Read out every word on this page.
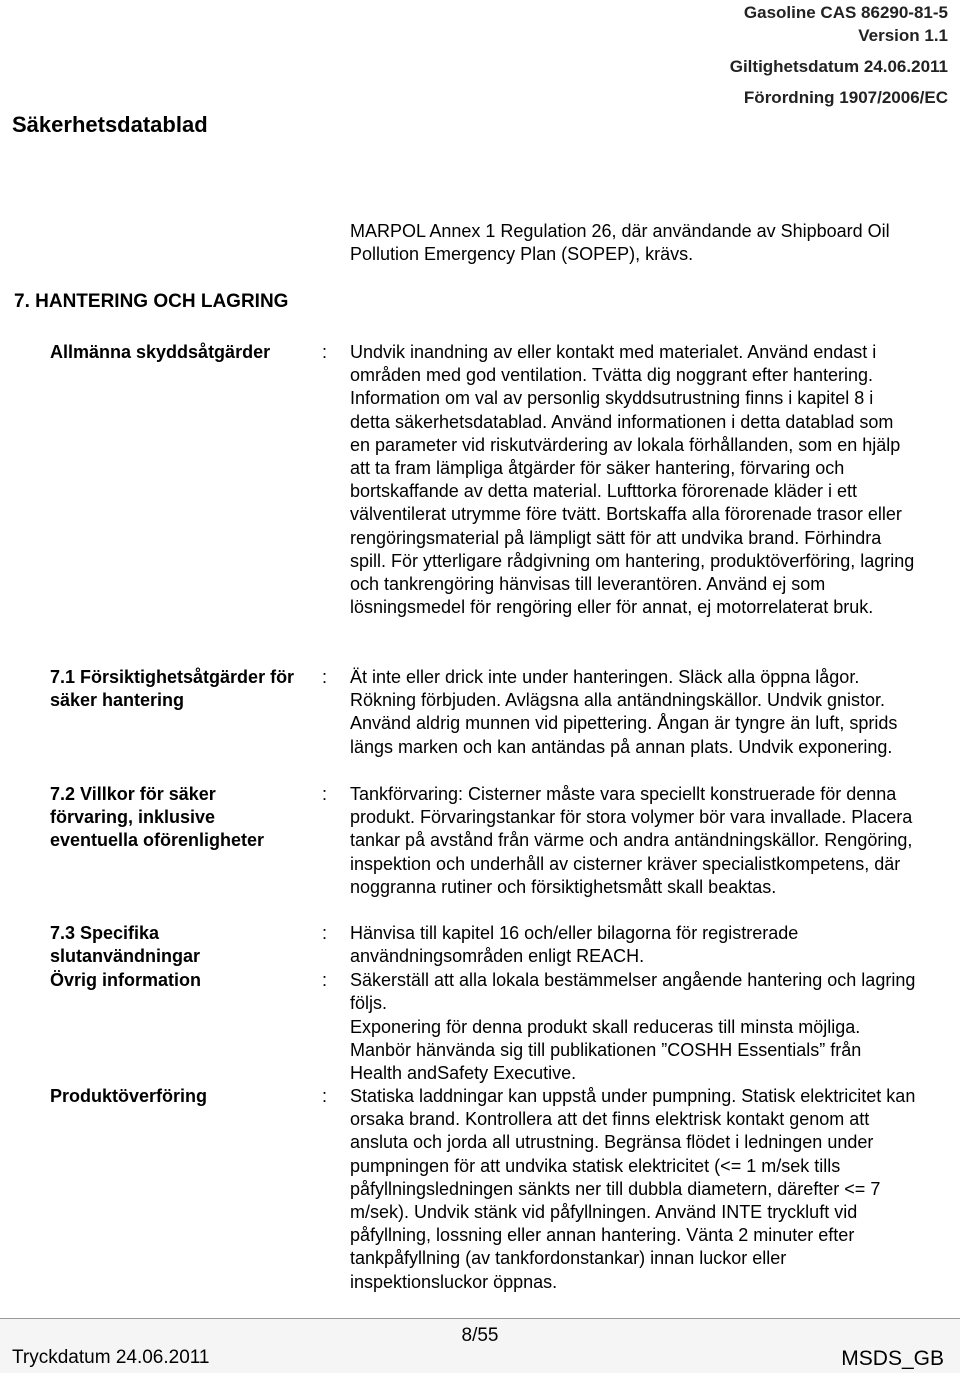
Gasoline CAS 86290-81-5
Version 1.1
Giltighetsdatum 24.06.2011
Förordning 1907/2006/EC
Säkerhetsdatablad
MARPOL Annex 1 Regulation 26, där användande av Shipboard Oil Pollution Emergency Plan (SOPEP), krävs.
7. HANTERING OCH LAGRING
Allmänna skyddsåtgärder	: Undvik inandning av eller kontakt med materialet. Använd endast i områden med god ventilation. Tvätta dig noggrant efter hantering. Information om val av personlig skyddsutrustning finns i kapitel 8 i detta säkerhetsdatablad. Använd informationen i detta datablad som en parameter vid riskutvärdering av lokala förhållanden, som en hjälp att ta fram lämpliga åtgärder för säker hantering, förvaring och bortskaffande av detta material. Lufttorka förorenade kläder i ett välventilerat utrymme före tvätt. Bortskaffa alla förorenade trasor eller rengöringsmaterial på lämpligt sätt för att undvika brand. Förhindra spill. För ytterligare rådgivning om hantering, produktöverföring, lagring och tankrengöring hänvisas till leverantören. Använd ej som lösningsmedel för rengöring eller för annat, ej motorrelaterat bruk.
7.1 Försiktighetsåtgärder för säker hantering
: Ät inte eller drick inte under hanteringen. Släck alla öppna lågor. Rökning förbjuden. Avlägsna alla antändningskällor. Undvik gnistor. Använd aldrig munnen vid pipettering. Ångan är tyngre än luft, sprids längs marken och kan antändas på annan plats. Undvik exponering.
7.2 Villkor för säker förvaring, inklusive eventuella oförenligheter
: Tankförvaring: Cisterner måste vara speciellt konstruerade för denna produkt. Förvaringstankar för stora volymer bör vara invallade. Placera tankar på avstånd från värme och andra antändningskällor. Rengöring, inspektion och underhåll av cisterner kräver specialistkompetens, där noggranna rutiner och försiktighetsmått skall beaktas.
7.3 Specifika slutanvändningar
: Hänvisa till kapitel 16 och/eller bilagorna för registrerade användningsområden enligt REACH.
Övrig information	: Säkerställ att alla lokala bestämmelser angående hantering och lagring följs.
Exponering för denna produkt skall reduceras till minsta möjliga. Manbör hänvända sig till publikationen ”COSHH Essentials” från Health andSafety Executive.
Produktöverföring	: Statiska laddningar kan uppstå under pumpning. Statisk elektricitet kan orsaka brand. Kontrollera att det finns elektrisk kontakt genom att ansluta och jorda all utrustning. Begränsa flödet i ledningen under pumpningen för att undvika statisk elektricitet (<= 1 m/sek tills påfyllningsledningen sänkts ner till dubbla diametern, därefter <= 7 m/sek). Undvik stänk vid påfyllningen. Använd INTE tryckluft vid påfyllning, lossning eller annan hantering. Vänta 2 minuter efter tankpåfyllning (av tankfordonstankar) innan luckor eller inspektionsluckor öppnas.
8/55
Tryckdatum 24.06.2011	MSDS_GB
